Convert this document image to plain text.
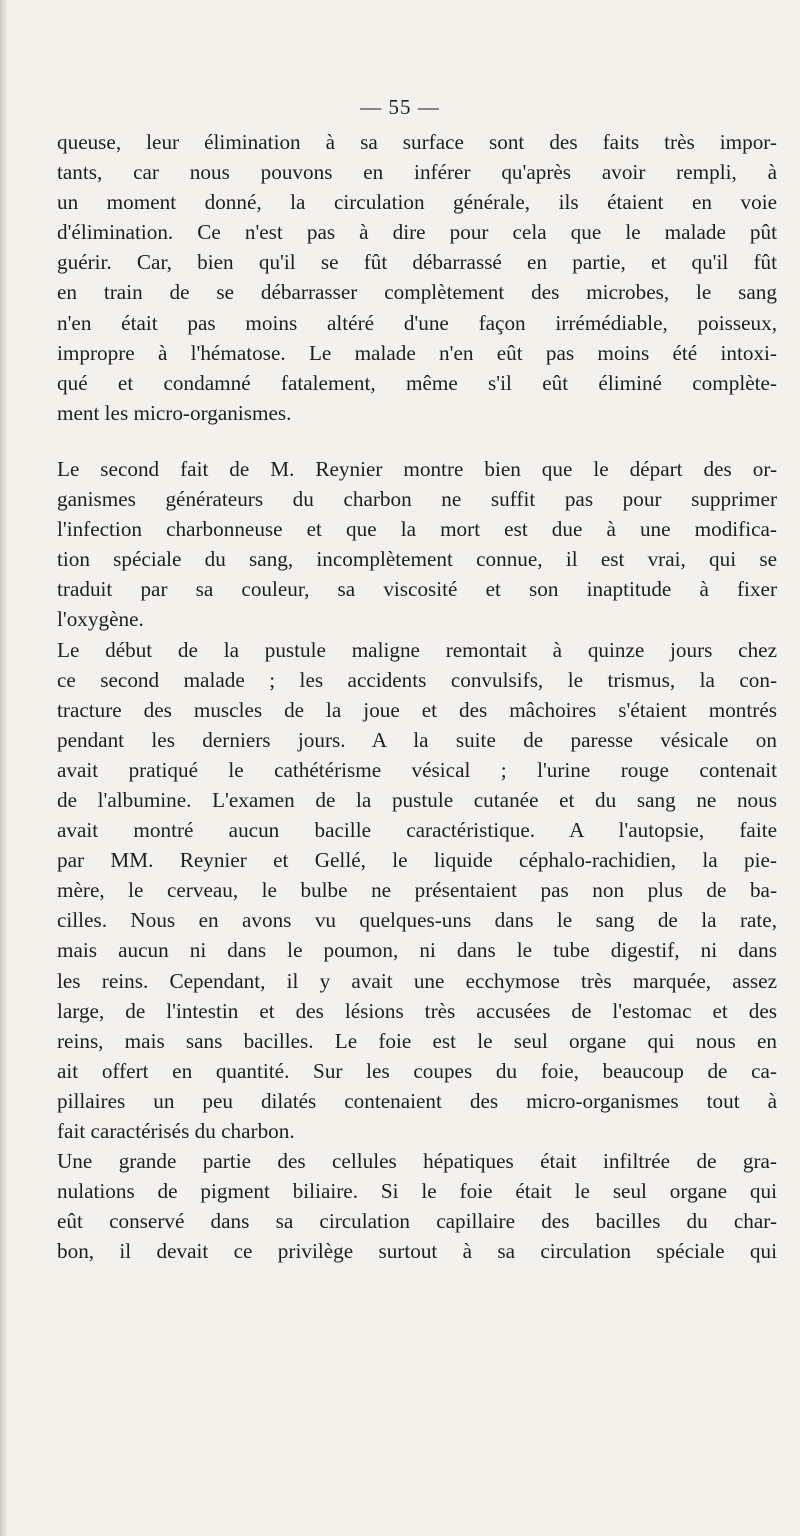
— 55 —
queuse, leur élimination à sa surface sont des faits très impor-
tants, car nous pouvons en inférer qu'après avoir rempli, à
un moment donné, la circulation générale, ils étaient en voie
d'élimination. Ce n'est pas à dire pour cela que le malade pût
guérir. Car, bien qu'il se fût débarrassé en partie, et qu'il fût
en train de se débarrasser complètement des microbes, le sang
n'en était pas moins altéré d'une façon irrémédiable, poisseux,
impropre à l'hématose. Le malade n'en eût pas moins été intoxi-
qué et condamné fatalement, même s'il eût éliminé complète-
ment les micro-organismes.
Le second fait de M. Reynier montre bien que le départ des or-
ganismes générateurs du charbon ne suffit pas pour supprimer
l'infection charbonneuse et que la mort est due à une modifica-
tion spéciale du sang, incomplètement connue, il est vrai, qui se
traduit par sa couleur, sa viscosité et son inaptitude à fixer
l'oxygène.
Le début de la pustule maligne remontait à quinze jours chez
ce second malade ; les accidents convulsifs, le trismus, la con-
tracture des muscles de la joue et des mâchoires s'étaient montrés
pendant les derniers jours. A la suite de paresse vésicale on
avait pratiqué le cathétérisme vésical ; l'urine rouge contenait
de l'albumine. L'examen de la pustule cutanée et du sang ne nous
avait montré aucun bacille caractéristique. A l'autopsie, faite
par MM. Reynier et Gellé, le liquide céphalo-rachidien, la pie-
mère, le cerveau, le bulbe ne présentaient pas non plus de ba-
cilles. Nous en avons vu quelques-uns dans le sang de la rate,
mais aucun ni dans le poumon, ni dans le tube digestif, ni dans
les reins. Cependant, il y avait une ecchymose très marquée, assez
large, de l'intestin et des lésions très accusées de l'estomac et des
reins, mais sans bacilles. Le foie est le seul organe qui nous en
ait offert en quantité. Sur les coupes du foie, beaucoup de ca-
pillaires un peu dilatés contenaient des micro-organismes tout à
fait caractérisés du charbon.
Une grande partie des cellules hépatiques était infiltrée de gra-
nulations de pigment biliaire. Si le foie était le seul organe qui
eût conservé dans sa circulation capillaire des bacilles du char-
bon, il devait ce privilège surtout à sa circulation spéciale qui
